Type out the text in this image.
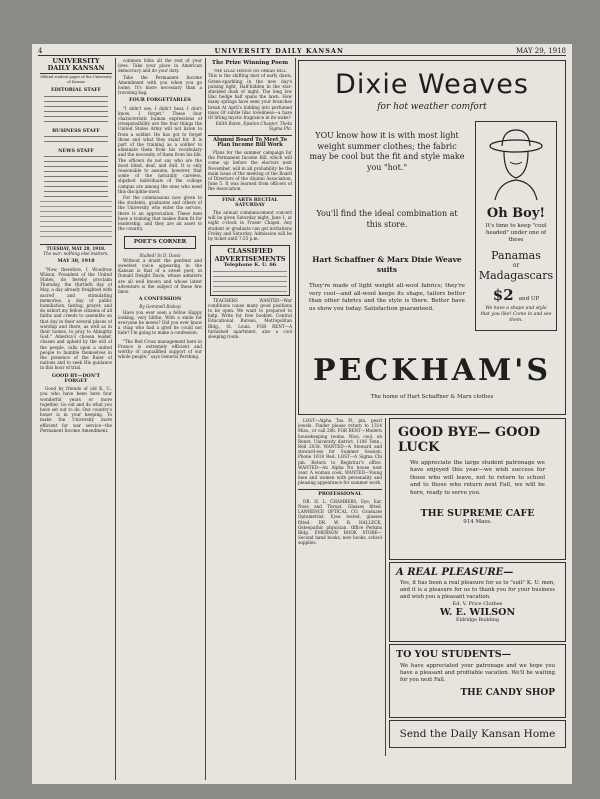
4	UNIVERSITY DAILY KANSAN	MAY 29, 1918
UNIVERSITY DAILY KANSAN
Official student paper of the University of Kansas
EDITORIAL STAFF
BUSINESS STAFF
NEWS STAFF
TUESDAY, MAY 28, 1918.
The war: nothing else matters.
MAY 30, 1918
"Now, therefore, I, Woodrow Wilson, President of the United States, do hereby proclaim Thursday, the thirtieth day of May, a day already freighted with sacred and stimulating memories, a day of public humiliation, fasting, prayer, and do exhort my fellow citizens of all faiths and creeds to assemble on that day in their several places of worship and there, as well as in their homes, to pray to Almighty God." America's chosen leader, chosen and upheld by the will of the people, calls upon a united people to humble themselves in the presence of the Ruler of nations and to seek His guidance in this hour of trial.
GOOD BY—DON'T FORGET
Good by friends of old K. U., you who have been here four wonderful years or more together. Go out and do what you have set out to do. Our country's honor is in your keeping. To make the University more efficient for war service—the Permanent Income Amendment.
common folks all the rest of your lives. Take your place in American democracy and do your duty.
Take the Permanent Income Amendment with you when you go home. It's more necessary than a traveling bag.
FOUR FORGETTABLES
"I didn't see, I didn't hear, I don't know, I forget." These four characteristic human expressions of irresponsibility are the four things the United States Army will not listen to from a soldier. He has got to forget those and what they stand for. It is part of the training as a soldier to eliminate them from his vocabulary and the necessity of them from his life. The officers do not say who are the most blind, deaf, and dull. It is only reasonable to assume, however, that some of the naturally careless, slipshod individuals of the college campus are among the ones who need this discipline most.
For the commissions now given to the students, graduates and others of the University who enter the service, there is an appreciation. These men have a training that makes them fit for leadership, and they are an asset to the country.
POET'S CORNER
Stalled! In D. Davis
Without a doubt the gentlest and sweetest voice appearing in the Kansan is that of a sweet poet, in Donald Dwight Davis, whose admirers are all well known and whose latest adventure is the subject of these few lines.
A CONFESSION
By Gemmell Bishop
Have you ever seen a fellow Happy looking, very blithe, With a smile for everyone he meets? Did you ever know a chap who had a grief he could not hide? I'm going to make a confession.
"The Red Cross management here in France is extremely efficient and worthy of unqualified support of our whole people," says General Pershing.
The Prize Winning Poem
THE LILAC HEDGE ON OREAD HILL
This is the shifting mist of early dawn, Green-sparkling in the new day's pulsing light, Half-hidden in the star-shielded dusk of night, The long low lilac hedge half spans the lawn. How many springs have seen your branches break At April's bidding into perfumed mass Of subtle lilac loveliness—a haze Of lifting mystic fragrance in its wake?
Edith Bolen, Epsilon Chapter, Theta Sigma Phi.
Alumni Board To Meet To Plan Income Bill Work
Plans for the summer campaign for the Permanent Income Bill, which will come up before the electors next November, will in all probability be the main issue of the meeting of the Board of Directors of the Alumni Association, June 5. It was learned from officers of the Association.
FINE ARTS RECITAL SATURDAY
The annual commencement concert will be given Saturday night, June 1, at eight o'clock in Fraser Chapel. Any student or graduate can get invitations Friday and Saturday. Admission will be by ticket until 7:55 p.m.
CLASSIFIED ADVERTISEMENTS
Telephone K. U. 66
TEACHERS WANTED—War conditions cause many good positions to be open. We want to prepared to help. Write for free booklet. Central Educational Bureau, Metropolitan Bldg., St. Louis. FOR RENT—A furnished apartment, also a cool sleeping room.
Dixie Weaves
for hot weather comfort
YOU know how it is with most light weight summer clothes; the fabric may be cool but the fit and style make you "hot."
You'll find the ideal combination at this store.
Hart Schaffner & Marx Dixie Weave suits
They're made of light weight all-wool fabrics; they're very cool—and all-wool keeps its shape, tailors better than other fabrics and the style is there. Better have us show you today. Satisfaction guaranteed.
Oh Boy!
It's time to keep "cool headed" under one of these
Panamas
or
Madagascars
$2 and UP
We have a shape and style that you like! Come in and see them.
PECKHAM'S
The home of Hart Schaffner & Marx clothes
LOST—Alpha Tau Pi, pin, pearl jewels. Finder please return to 1314 Miss., or call 288. FOR RENT—Modern housekeeping rooms. Nice, cool, on Renet. University district. 1106 Tenn., Bell 2038. WANTED—A Steward and steward-ess for Summer Session. Phone 1618 Red. LOST—A Sigma Chi pin. Return to Registrar's office. WANTED—An Alpha Nu house next year. A woman cook. WANTED—Young men and women with personality and pleasing appearance for summer work.
PROFESSIONAL
DR. H. L. CHAMBERS, Eye, Ear, Nose and Throat. Glasses fitted. LAWRENCE OPTICAL CO. Graduate Optometrist. Eyes tested, glasses fitted. DR. W. R. HALLECK, Osteopathic physician. Office Perkins Bldg. EMERSON BOOK STORE—Second hand books, new books, school supplies.
GOOD BYE— GOOD LUCK
We appreciate the large student patronage we have enjoyed this year—we wish success for those who will leave, not to return to school and to those who return next Fall, we will be here, ready to serve you.
THE SUPREME CAFE
914 Mass.
A REAL PLEASURE—
Yes, it has been a real pleasure for us to "suit" K. U. men, and it is a pleasure for us to thank you for your business and wish you a pleasant vacation.
Ed. V. Price Clothes
W. E. WILSON
Eldridge Building
TO YOU STUDENTS—
We have appreciated your patronage and we hope you have a pleasant and profitable vacation. We'll be waiting for you next Fall.
THE CANDY SHOP
Send the Daily Kansan Home
